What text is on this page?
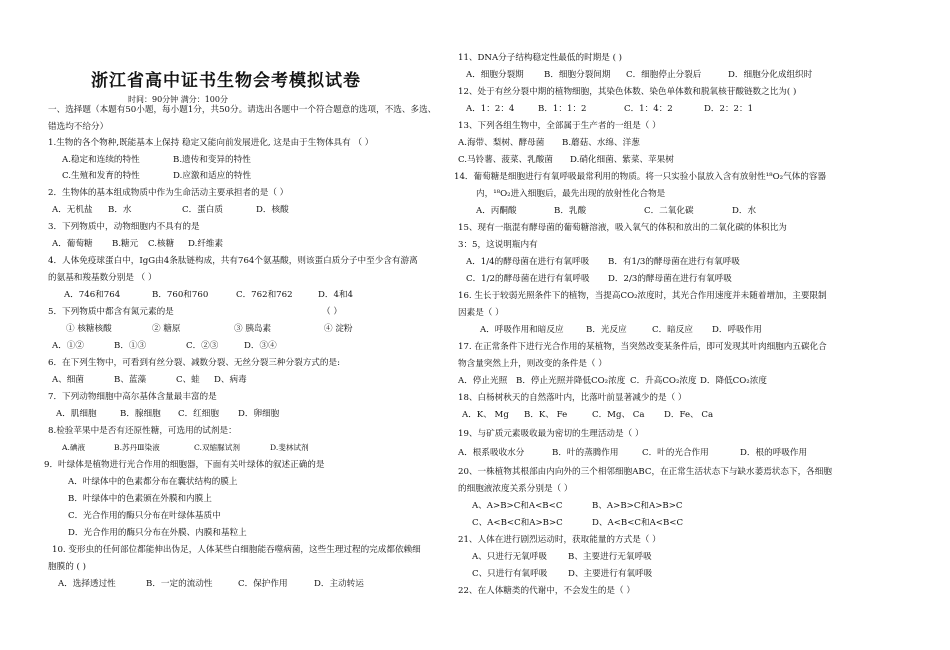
浙江省高中证书生物会考模拟试卷
时间：90分钟 满分：100分
一、选择题（本题有50小题，每小题1分，共50分。请选出各题中一个符合题意的选项，不选、多选、
错选均不给分）
1.生物的各个物种,既能基本上保持 稳定又能向前发展进化, 这是由于生物体具有 （ ）
A.稳定和连续的特性	B.遗传和变异的特性
C.生殖和发育的特性	D.应激和适应的特性
2．生物体的基本组成物质中作为生命活动主要承担者的是（ ）
A．无机盐 B．水	C．蛋白质	D．核酸
3．下列物质中，动物细胞内不具有的是
A．葡萄糖 B.糖元 C.核糖 D.纤维素
4．人体免疫球蛋白中，IgG由4条肽链构成，共有764个氨基酸，则该蛋白质分子中至少含有游离
的氨基和羧基数分别是 （ ）
A．746和764	B．760和760	C．762和762	D．4和4
5．下列物质中都含有氮元素的是	（ ）
① 核糖核酸	② 糖原	③ 胰岛素	④ 淀粉
A．①②	B．①③	C．②③	D．③④
6．在下列生物中，可看到有丝分裂、减数分裂、无丝分裂三种分裂方式的是:
A、细菌	B、蓝藻	C、蛙 D、病毒
7．下列动物细胞中高尔基体含量最丰富的是
A．肌细胞	B．腺细胞 C．红细胞 D．卵细胞
8.检验苹果中是否有还原性糖，可选用的试剂是：
A.碘液	B.苏丹Ⅲ染液	C.双缩脲试剂	D.斐林试剂
9．叶绿体是植物进行光合作用的细胞器，下面有关叶绿体的叙述正确的是
A．叶绿体中的色素都分布在囊状结构的膜上
B．叶绿体中的色素颁在外膜和内膜上
C．光合作用的酶只分布在叶绿体基质中
D．光合作用的酶只分布在外膜、内膜和基粒上
10. 变形虫的任何部位都能伸出伪足，人体某些白细胞能吞噬病菌，这些生理过程的完成都依赖细
胞膜的 ( )
A．选择透过性	B．一定的流动性	C．保护作用	D．主动转运
11、DNA分子结构稳定性最低的时期是 ( )
A．细胞分裂期 B．细胞分裂间期 C．细胞停止分裂后	D．细胞分化成组织时
12、处于有丝分裂中期的植物细胞，其染色体数、染色单体数和脱氧核苷酸链数之比为( )
A．1：2：4	B．1：1：2	C．1：4：2	D．2：2：1
13、下列各组生物中，全部属于生产者的一组是（ ）
A.海带、梨树、酵母菌 B.蘑菇、水绵、洋葱
C.马铃薯、菠菜、乳酸菌 D.硝化细菌、紫菜、苹果树
14．葡萄糖是细胞进行有氧呼吸最常利用的物质。将一只实验小鼠放入含有放射性¹⁸O₂气体的容器
内，¹⁸O₂进入细胞后，最先出现的放射性化合物是
A．丙酮酸	B．乳酸	C．二氧化碳	D．水
15、现有一瓶混有酵母菌的葡萄糖溶液，吸入氧气的体积和放出的二氧化碳的体积比为
3：5，这说明瓶内有
A．1/4的酵母菌在进行有氧呼吸 B．有1/3的酵母菌在进行有氧呼吸
C．1/2的酵母菌在进行有氧呼吸 D．2/3的酵母菌在进行有氧呼吸
16. 生长于较弱光照条件下的植物，当提高CO₂浓度时，其光合作用速度并未随着增加，主要限制
因素是（ ）
A．呼吸作用和暗反应	B．光反应	C．暗反应 D．呼吸作用
17. 在正常条件下进行光合作用的某植物，当突然改变某条件后，即可发现其叶肉细胞内五碳化合
物含量突然上升，则改变的条件是（ ）
A．停止光照 B．停止光照并降低CO₂浓度 C．升高CO₂浓度 D．降低CO₂浓度
18、白杨树秋天的自然落叶内，比落叶前显著减少的是（ ）
A．K、 Mg B．K、 Fe	C．Mg、 Ca D．Fe、 Ca
19、与矿质元素吸收最为密切的生理活动是（ ）
A．根系吸收水分	B．叶的蒸腾作用	C．叶的光合作用	D．根的呼吸作用
20、一株植物其根部由内向外的三个相邻细胞ABC，在正常生活状态下与缺水萎焉状态下，各细胞
的细胞液浓度关系分别是（ ）
A、A>B>C和A<B<C	B、A>B>C和A>B>C
C、A<B<C和A>B>C	D、A<B<C和A<B<C
21、人体在进行剧烈运动时，获取能量的方式是（ ）
A、只进行无氧呼吸 B、主要进行无氧呼吸
C、只进行有氧呼吸 D、主要进行有氧呼吸
22、在人体糖类的代谢中，不会发生的是（ ）
